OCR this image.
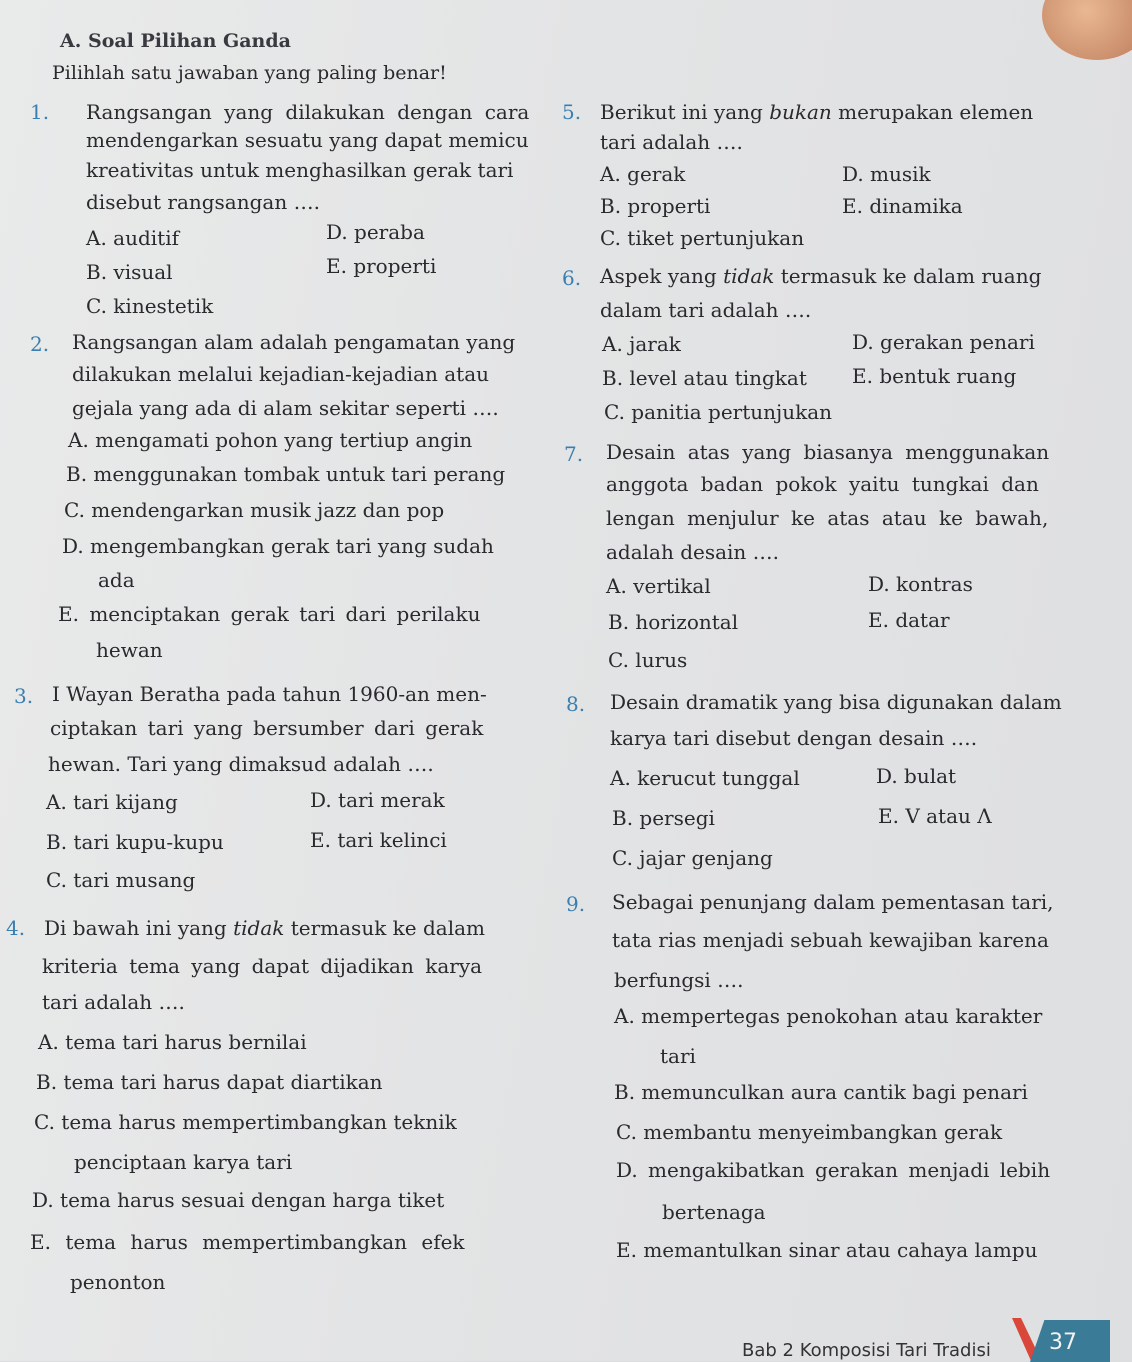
A. Soal Pilihan Ganda
Pilihlah satu jawaban yang paling benar!
1. Rangsangan yang dilakukan dengan cara
mendengarkan sesuatu yang dapat memicu
kreativitas untuk menghasilkan gerak tari
disebut rangsangan ….
A. auditif	D. peraba
B. visual	E. properti
C. kinestetik
2. Rangsangan alam adalah pengamatan yang
dilakukan melalui kejadian-kejadian atau
gejala yang ada di alam sekitar seperti ….
A. mengamati pohon yang tertiup angin
B. menggunakan tombak untuk tari perang
C. mendengarkan musik jazz dan pop
D. mengembangkan gerak tari yang sudah
ada
E. menciptakan gerak tari dari perilaku
hewan
3. I Wayan Beratha pada tahun 1960-an men-
ciptakan tari yang bersumber dari gerak
hewan. Tari yang dimaksud adalah ….
A. tari kijang	D. tari merak
B. tari kupu-kupu	E. tari kelinci
C. tari musang
4. Di bawah ini yang tidak termasuk ke dalam
kriteria tema yang dapat dijadikan karya
tari adalah ….
A. tema tari harus bernilai
B. tema tari harus dapat diartikan
C. tema harus mempertimbangkan teknik
penciptaan karya tari
D. tema harus sesuai dengan harga tiket
E. tema harus mempertimbangkan efek
penonton
5. Berikut ini yang bukan merupakan elemen
tari adalah ….
A. gerak	D. musik
B. properti	E. dinamika
C. tiket pertunjukan
6. Aspek yang tidak termasuk ke dalam ruang
dalam tari adalah ….
A. jarak	D. gerakan penari
B. level atau tingkat E. bentuk ruang
C. panitia pertunjukan
7. Desain atas yang biasanya menggunakan
anggota badan pokok yaitu tungkai dan
lengan menjulur ke atas atau ke bawah,
adalah desain ….
A. vertikal	D. kontras
B. horizontal	E. datar
C. lurus
8. Desain dramatik yang bisa digunakan dalam
karya tari disebut dengan desain ….
A. kerucut tunggal	D. bulat
B. persegi	E. V atau Λ
C. jajar genjang
9. Sebagai penunjang dalam pementasan tari,
tata rias menjadi sebuah kewajiban karena
berfungsi ….
A. mempertegas penokohan atau karakter
tari
B. memunculkan aura cantik bagi penari
C. membantu menyeimbangkan gerak
D. mengakibatkan gerakan menjadi lebih
bertenaga
E. memantulkan sinar atau cahaya lampu
Bab 2 Komposisi Tari Tradisi	37
